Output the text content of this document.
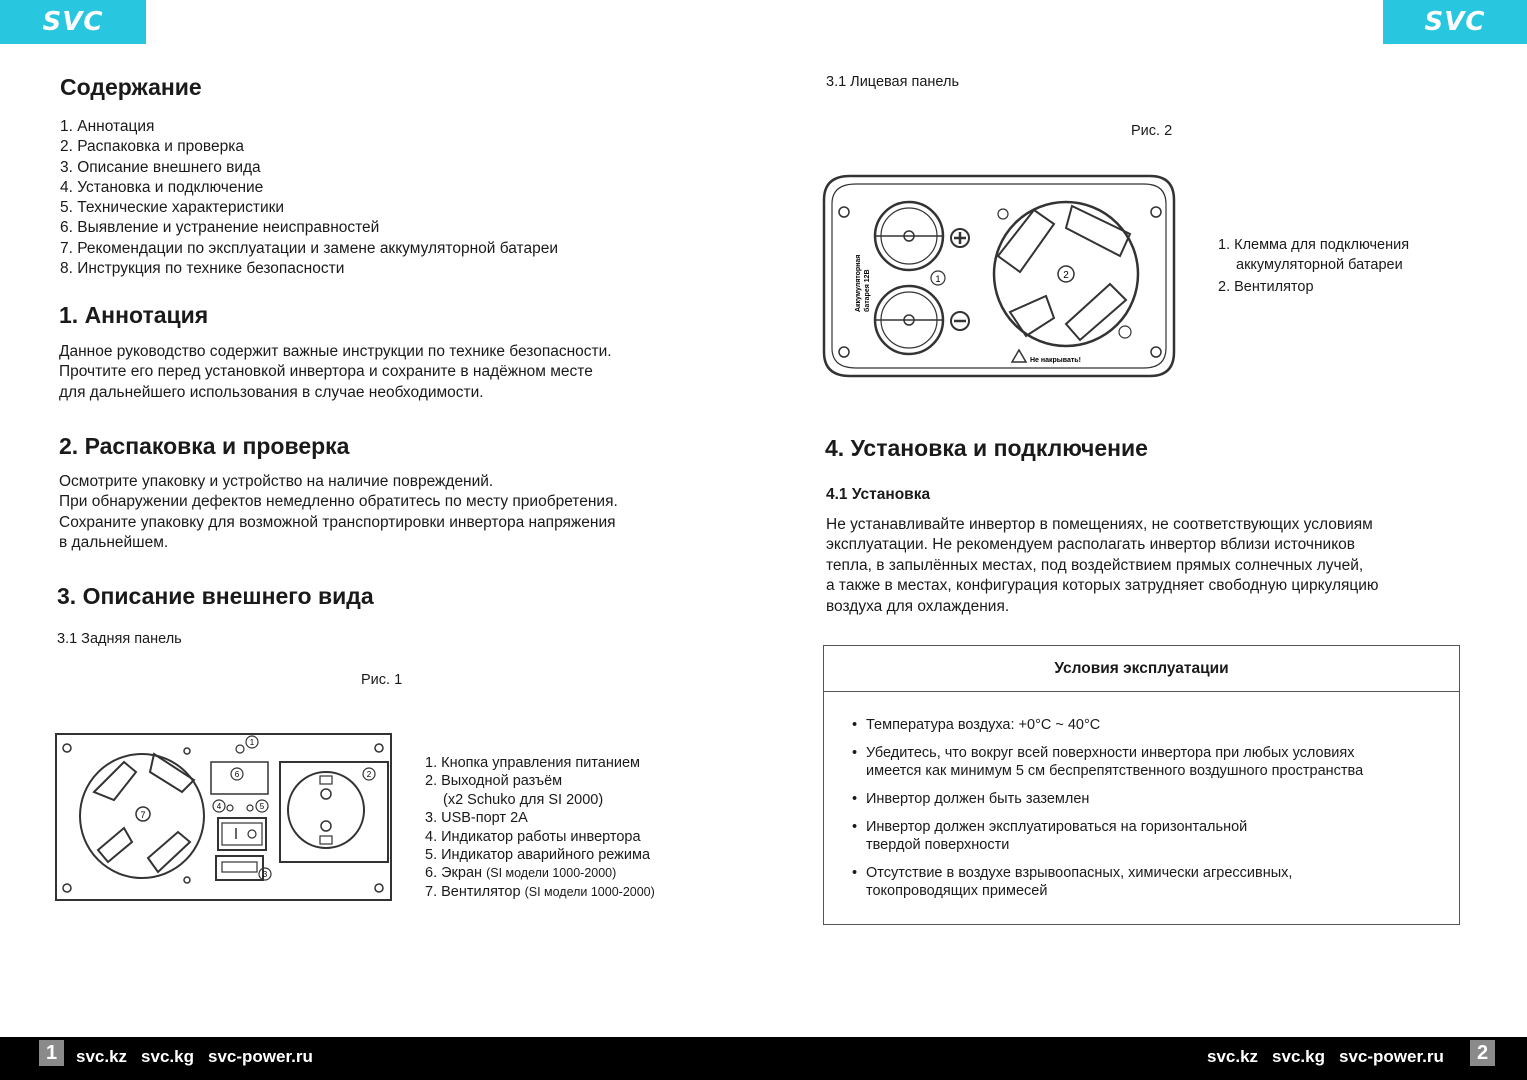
SVC	SVC
Содержание
1. Аннотация
2. Распаковка и проверка
3. Описание внешнего вида
4. Установка и подключение
5. Технические характеристики
6. Выявление и устранение неисправностей
7. Рекомендации по эксплуатации и замене аккумуляторной батареи
8. Инструкция по технике безопасности
1. Аннотация
Данное руководство содержит важные инструкции по технике безопасности.
Прочтите его перед установкой инвертора и сохраните в надёжном месте
для дальнейшего использования в случае необходимости.
2. Распаковка и проверка
Осмотрите упаковку и устройство на наличие повреждений.
При обнаружении дефектов немедленно обратитесь по месту приобретения.
Сохраните упаковку для возможной транспортировки инвертора напряжения
в дальнейшем.
3. Описание внешнего вида
3.1 Задняя панель
Рис. 1
7
6
1
4	5
3
2
1. Кнопка управления питанием
2. Выходной разъём
(x2 Schuko для SI 2000)
3. USB-порт 2A
4. Индикатор работы инвертора
5. Индикатор аварийного режима
6. Экран (SI модели 1000-2000)
7. Вентилятор (SI модели 1000-2000)
3.1 Лицевая панель
Рис. 2
Аккумуляторная батарея 12В	1	2
Не накрывать!
1. Клемма для подключения
аккумуляторной батареи
2. Вентилятор
4. Установка и подключение
4.1 Установка
Не устанавливайте инвертор в помещениях, не соответствующих условиям
эксплуатации. Не рекомендуем располагать инвертор вблизи источников
тепла, в запылённых местах, под воздействием прямых солнечных лучей,
а также в местах, конфигурация которых затрудняет свободную циркуляцию
воздуха для охлаждения.
Условия эксплуатации
• Температура воздуха: +0°С ~ 40°С
• Убедитесь, что вокруг всей поверхности инвертора при любых условиях
имеется как минимум 5 см беспрепятственного воздушного пространства
• Инвертор должен быть заземлен
• Инвертор должен эксплуатироваться на горизонтальной
твердой поверхности
• Отсутствие в воздухе взрывоопасных, химически агрессивных,
токопроводящих примесей
1	2
svc.kz svc.kg svc-power.ru	svc.kz svc.kg svc-power.ru
